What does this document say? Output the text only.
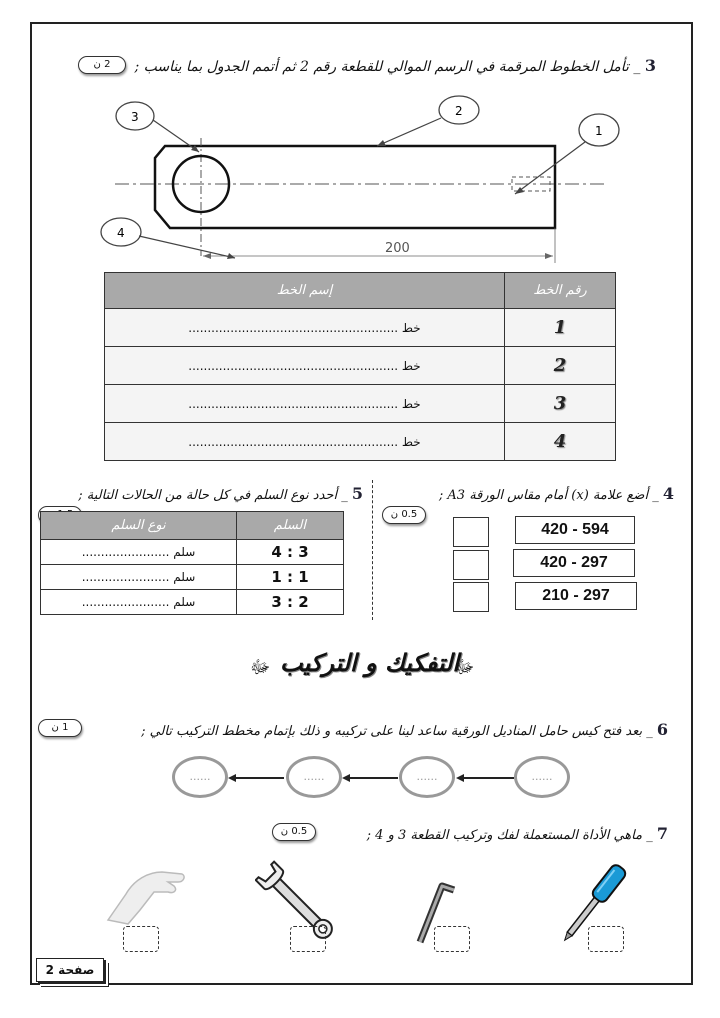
3 _ تأمل الخطوط المرقمة في الرسم الموالي للقطعة رقم 2 ثم أتمم الجدول بما يناسب ;
2 ن
200
3	2
1
4
إسم الخط	رقم الخط
خط .......................................................	1
خط .......................................................	2
خط .......................................................	3
خط .......................................................	4
5 _ أحدد نوع السلم في كل حالة من الحالات التالية ;
نوع السلم	السلم
سلم .......................	4 : 3
سلم .......................	1 : 1
سلم .......................	3 : 2
4 _ أضع علامة (x) أمام مقاس الورقة A3 ;
0.5 ن
420 - 594
420 - 297
210 - 297
ﷻ التفكيك و التركيب
ﷻ
6 _ بعد فتح كيس حامل المناديل الورقية ساعد لينا على تركيبه و ذلك بإتمام مخطط التركيب تالي ;
1 ن
......	......	......	......
7 _ ماهي الأداة المستعملة لفك وتركيب القطعة 3 و 4 ;
0.5 ن
صفحة 2
